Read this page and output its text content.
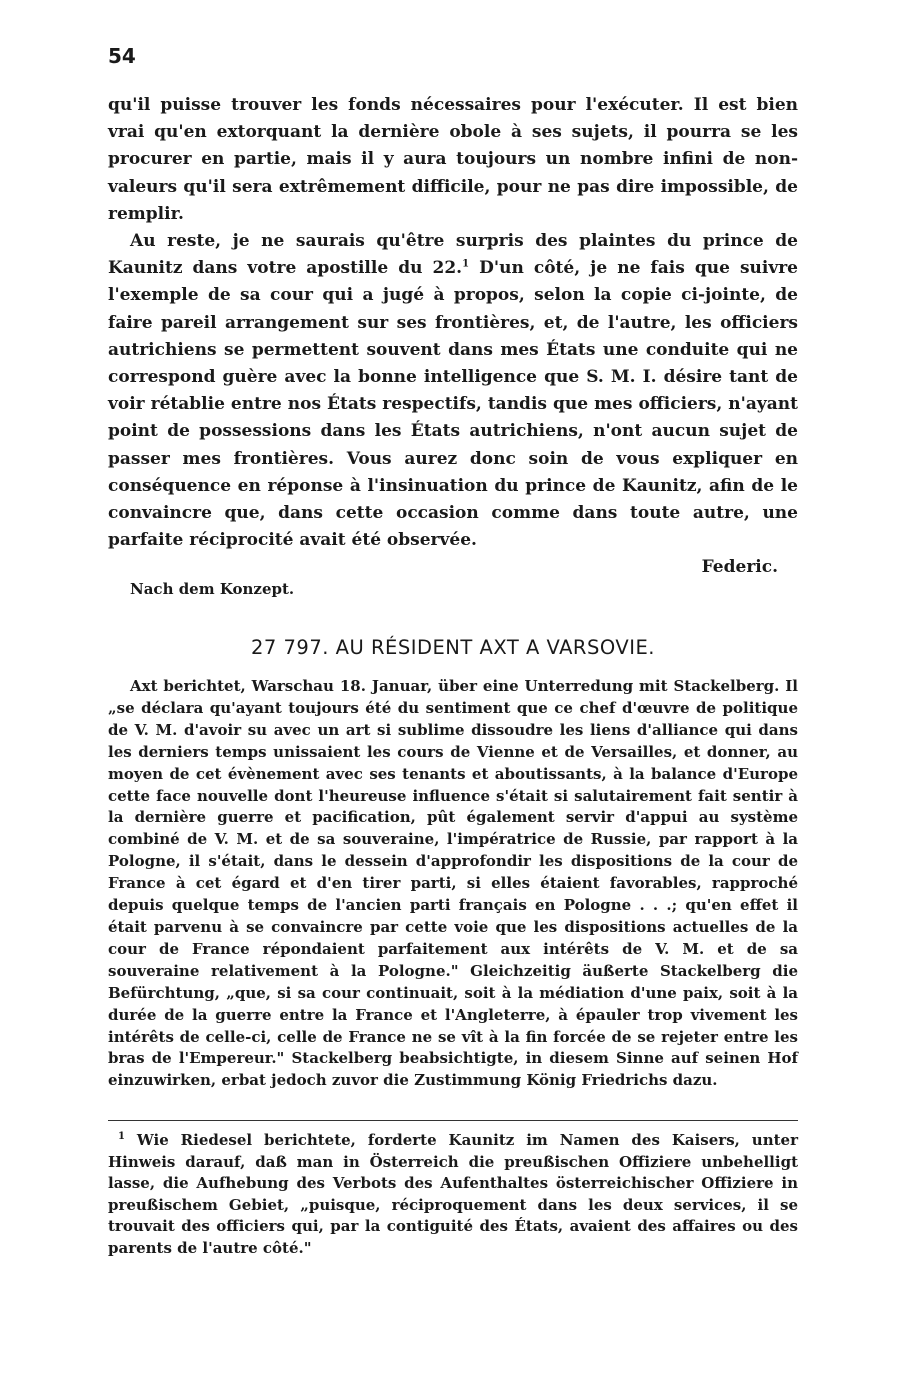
54

qu'il puisse trouver les fonds nécessaires pour l'exécuter. Il est bien vrai qu'en extorquant la dernière obole à ses sujets, il pourra se les procurer en partie, mais il y aura toujours un nombre infini de non-valeurs qu'il sera extrêmement difficile, pour ne pas dire impossible, de remplir.

Au reste, je ne saurais qu'être surpris des plaintes du prince de Kaunitz dans votre apostille du 22.$^1$ D'un côté, je ne fais que suivre l'exemple de sa cour qui a jugé à propos, selon la copie ci-jointe, de faire pareil arrangement sur ses frontières, et, de l'autre, les officiers autrichiens se permettent souvent dans mes États une conduite qui ne correspond guère avec la bonne intelligence que S. M. I. désire tant de voir rétablie entre nos États respectifs, tandis que mes officiers, n'ayant point de possessions dans les États autrichiens, n'ont aucun sujet de passer mes frontières. Vous aurez donc soin de vous expliquer en conséquence en réponse à l'insinuation du prince de Kaunitz, afin de le convaincre que, dans cette occasion comme dans toute autre, une parfaite réciprocité avait été observée.

Federic.

Nach dem Konzept.
27 797. AU RÉSIDENT AXT A VARSOVIE.

Axt berichtet, Warschau 18. Januar, über eine Unterredung mit Stackelberg. Il „se déclara qu'ayant toujours été du sentiment que ce chef d'œuvre de politique de V. M. d'avoir su avec un art si sublime dissoudre les liens d'alliance qui dans les derniers temps unissaient les cours de Vienne et de Versailles, et donner, au moyen de cet évènement avec ses tenants et aboutissants, à la balance d'Europe cette face nouvelle dont l'heureuse influence s'était si salutairement fait sentir à la dernière guerre et pacification, pût également servir d'appui au système combiné de V. M. et de sa souveraine, l'impératrice de Russie, par rapport à la Pologne, il s'était, dans le dessein d'approfondir les dispositions de la cour de France à cet égard et d'en tirer parti, si elles étaient favorables, rapproché depuis quelque temps de l'ancien parti français en Pologne . . .; qu'en effet il était parvenu à se convaincre par cette voie que les dispositions actuelles de la cour de France répondaient parfaitement aux intérêts de V. M. et de sa souveraine relativement à la Pologne." Gleichzeitig äußerte Stackelberg die Befürchtung, „que, si sa cour continuait, soit à la médiation d'une paix, soit à la durée de la guerre entre la France et l'Angleterre, à épauler trop vivement les intérêts de celle-ci, celle de France ne se vît à la fin forcée de se rejeter entre les bras de l'Empereur." Stackelberg beabsichtigte, in diesem Sinne auf seinen Hof einzuwirken, erbat jedoch zuvor die Zustimmung König Friedrichs dazu.

$^1$ Wie Riedesel berichtete, forderte Kaunitz im Namen des Kaisers, unter Hinweis darauf, daß man in Österreich die preußischen Offiziere unbehelligt lasse, die Aufhebung des Verbots des Aufenthaltes österreichischer Offiziere in preußischem Gebiet, „puisque, réciproquement dans les deux services, il se trouvait des officiers qui, par la contiguité des États, avaient des affaires ou des parents de l'autre côté."
